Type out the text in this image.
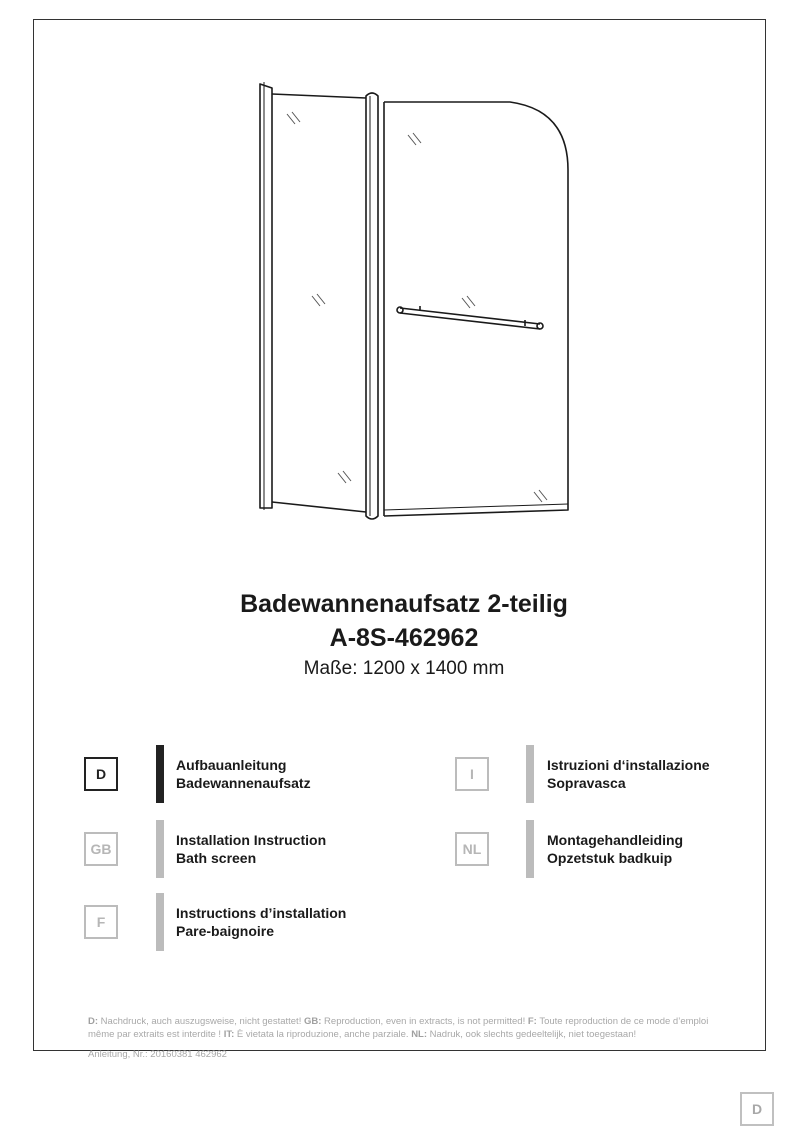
Badewannenaufsatz 2-teilig
A-8S-462962
Maße: 1200 x 1400 mm
D
Aufbauanleitung
Badewannenaufsatz
GB
Installation Instruction
Bath screen
F
Instructions d’installation
Pare-baignoire
I
Istruzioni d‘installazione
Sopravasca
NL
Montagehandleiding
Opzetstuk badkuip
D: Nachdruck, auch auszugsweise, nicht gestattet! GB: Reproduction, even in extracts, is not permitted! F: Toute reproduction de ce mode d’emploi même par extraits est interdite ! IT: È vietata la riproduzione, anche parziale. NL: Nadruk, ook slechts gedeeltelijk, niet toegestaan!
Anleitung, Nr.: 20160381 462962
D
